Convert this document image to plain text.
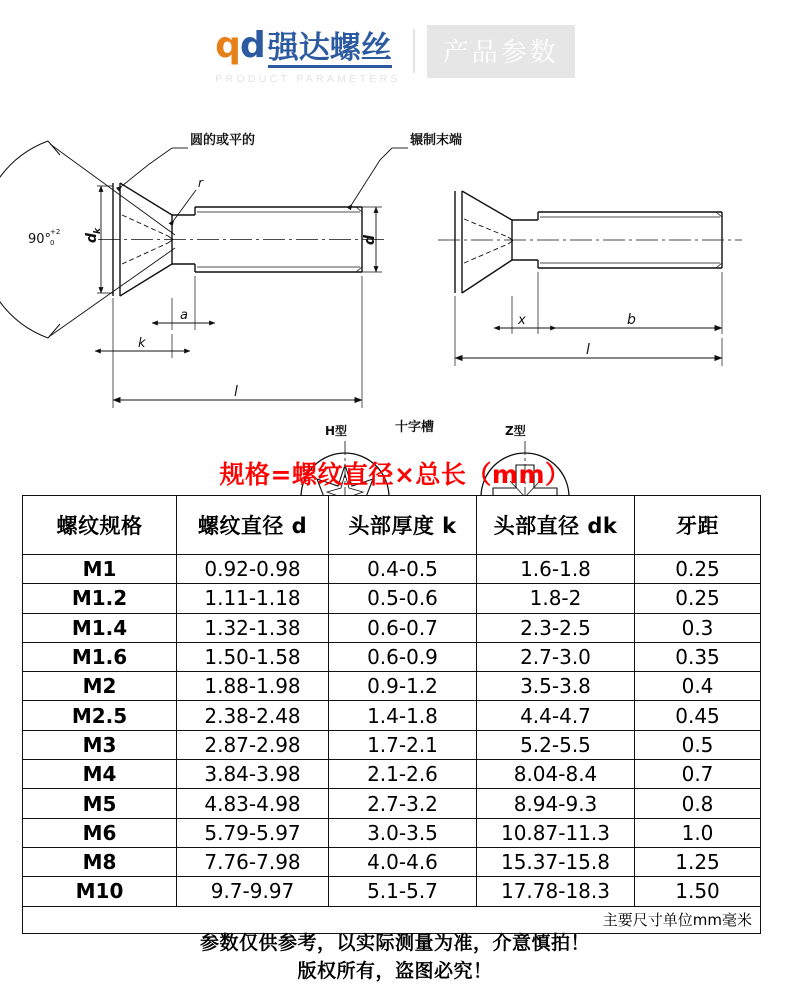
q d 强达螺丝
PRODUCT PARAMETERS
产品参数
90°
+2
0
圆的或平的	辗制末端
r
d
k
d
a
k
l
x	b
l
十字槽
H型	Z型
规格=螺纹直径×总长（mm）
螺纹规格	螺纹直径 d	头部厚度 k	头部直径 dk	牙距
M1	0.92-0.98	0.4-0.5	1.6-1.8	0.25
M1.2	1.11-1.18	0.5-0.6	1.8-2	0.25
M1.4	1.32-1.38	0.6-0.7	2.3-2.5	0.3
M1.6	1.50-1.58	0.6-0.9	2.7-3.0	0.35
M2	1.88-1.98	0.9-1.2	3.5-3.8	0.4
M2.5	2.38-2.48	1.4-1.8	4.4-4.7	0.45
M3	2.87-2.98	1.7-2.1	5.2-5.5	0.5
M4	3.84-3.98	2.1-2.6	8.04-8.4	0.7
M5	4.83-4.98	2.7-3.2	8.94-9.3	0.8
M6	5.79-5.97	3.0-3.5	10.87-11.3	1.0
M8	7.76-7.98	4.0-4.6	15.37-15.8	1.25
M10	9.7-9.97	5.1-5.7	17.78-18.3	1.50
主要尺寸单位mm毫米				
参数仅供参考，以实际测量为准，介意慎拍！
版权所有，盗图必究！
